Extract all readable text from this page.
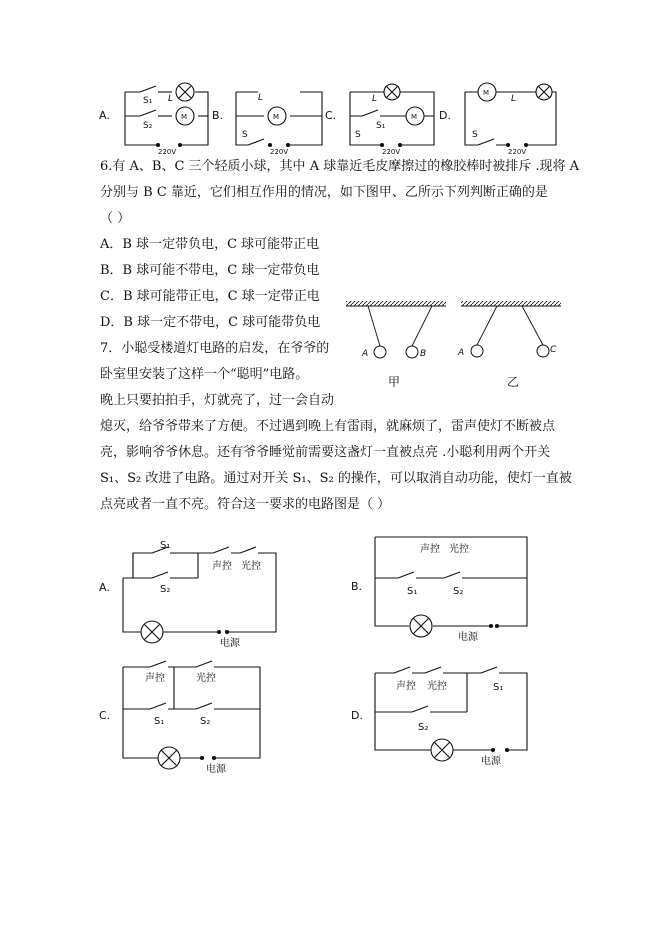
A.	B.	C.	D.
S₁ L
S₂
M
220V
L
M
S
220V
L
M
S₁
S
220V
M
L
S
220V
6.有 A、B、C 三个轻质小球，其中 A 球靠近毛皮摩擦过的橡胶棒时被排斥 .现将 A
分别与 B C 靠近，它们相互作用的情况，如下图甲、乙所示下列判断正确的是
（ ）
A．B 球一定带负电，C 球可能带正电
B．B 球可能不带电，C 球一定带负电
C．B 球可能带正电，C 球一定带正电
D．B 球一定不带电，C 球可能带负电
A	B	A	C
甲	乙
7．小聪受楼道灯电路的启发，在爷爷的
卧室里安装了这样一个“聪明”电路。
晚上只要拍拍手，灯就亮了，过一会自动
熄灭，给爷爷带来了方便。不过遇到晚上有雷雨，就麻烦了，雷声使灯不断被点
亮，影响爷爷休息。还有爷爷睡觉前需要这盏灯一直被点亮 .小聪利用两个开关
S₁、S₂ 改进了电路。通过对开关 S₁、S₂ 的操作，可以取消自动功能，使灯一直被
点亮或者一直不亮。符合这一要求的电路图是（ ）
A.	B.
C.	D.
S₁
S₂
声控 光控
电源
声控 光控
S₁	S₂
电源
声控	光控
S₁	S₂
电源
声控 光控	S₁
S₂
电源
